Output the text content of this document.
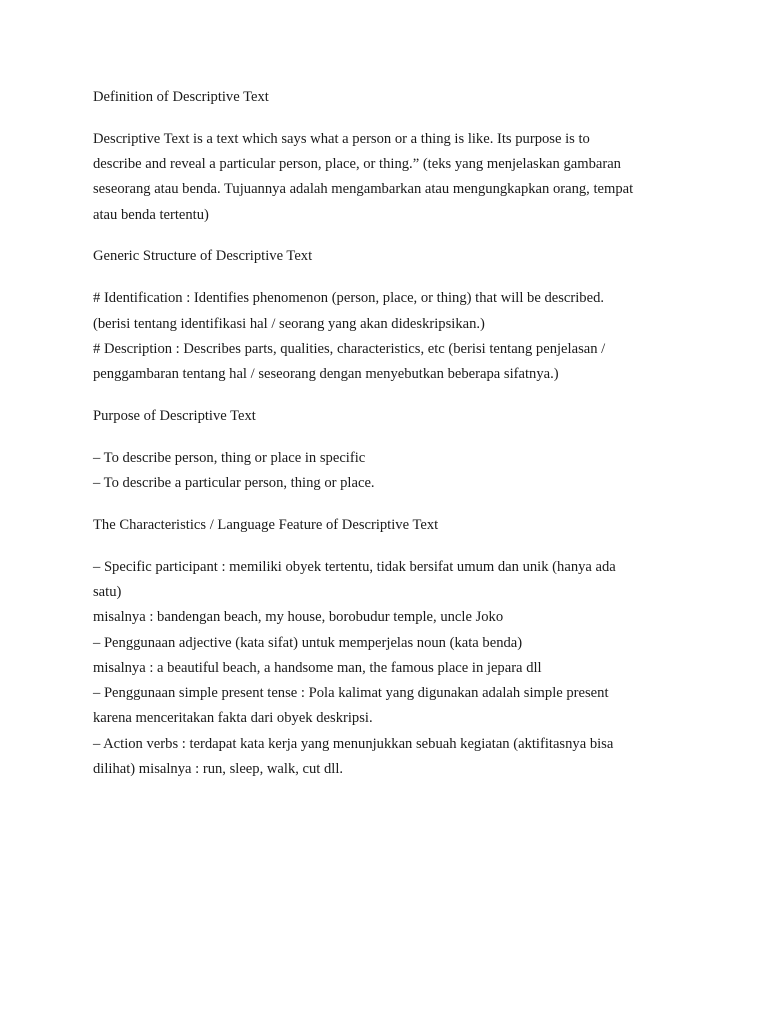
Definition of Descriptive Text

Descriptive Text is a text which says what a person or a thing is like. Its purpose is to
describe and reveal a particular person, place, or thing.” (teks yang menjelaskan gambaran
seseorang atau benda. Tujuannya adalah mengambarkan atau mengungkapkan orang, tempat
atau benda tertentu)

Generic Structure of Descriptive Text

# Identification : Identifies phenomenon (person, place, or thing) that will be described.
(berisi tentang identifikasi hal / seorang yang akan dideskripsikan.)
# Description : Describes parts, qualities, characteristics, etc (berisi tentang penjelasan /
penggambaran tentang hal / seseorang dengan menyebutkan beberapa sifatnya.)

Purpose of Descriptive Text

– To describe person, thing or place in specific
– To describe a particular person, thing or place.

The Characteristics / Language Feature of Descriptive Text

– Specific participant : memiliki obyek tertentu, tidak bersifat umum dan unik (hanya ada
satu)
misalnya : bandengan beach, my house, borobudur temple, uncle Joko
– Penggunaan adjective (kata sifat) untuk memperjelas noun (kata benda)
misalnya : a beautiful beach, a handsome man, the famous place in jepara dll
– Penggunaan simple present tense : Pola kalimat yang digunakan adalah simple present
karena menceritakan fakta dari obyek deskripsi.
– Action verbs : terdapat kata kerja yang menunjukkan sebuah kegiatan (aktifitasnya bisa
dilihat) misalnya : run, sleep, walk, cut dll.
